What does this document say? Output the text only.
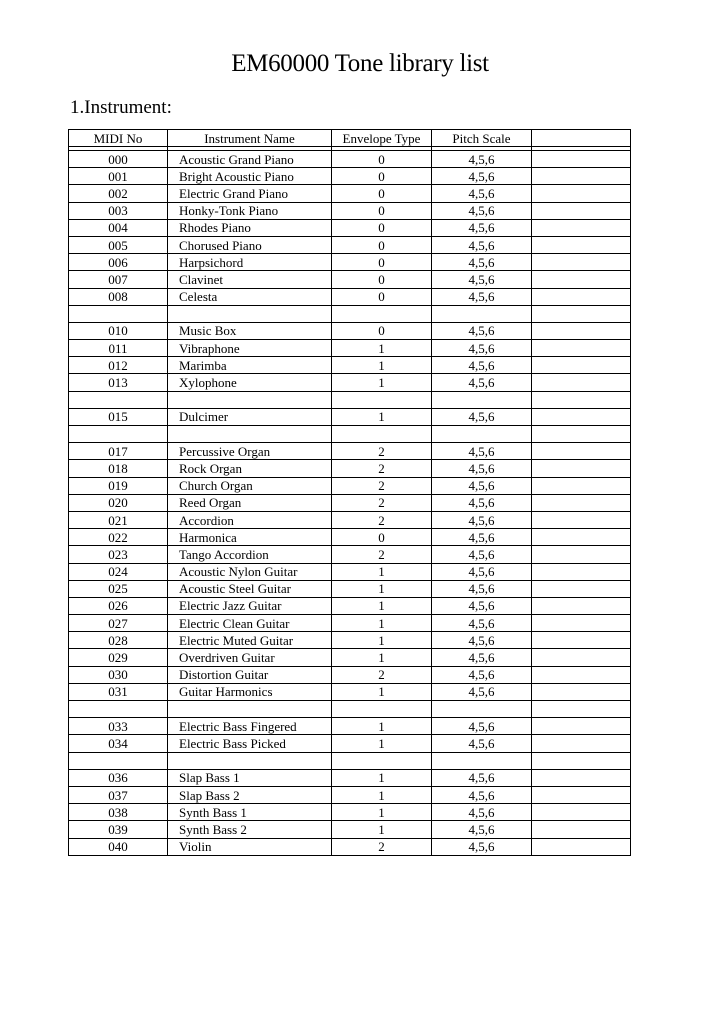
EM60000 Tone library list
1.Instrument:
MIDI No	Instrument Name	Envelope Type	Pitch Scale	

000	Acoustic Grand Piano	0	4,5,6	
001	Bright Acoustic Piano	0	4,5,6	
002	Electric Grand Piano	0	4,5,6	
003	Honky-Tonk Piano	0	4,5,6	
004	Rhodes Piano	0	4,5,6	
005	Chorused Piano	0	4,5,6	
006	Harpsichord	0	4,5,6	
007	Clavinet	0	4,5,6	
008	Celesta	0	4,5,6	

010	Music Box	0	4,5,6	
011	Vibraphone	1	4,5,6	
012	Marimba	1	4,5,6	
013	Xylophone	1	4,5,6	

015	Dulcimer	1	4,5,6	

017	Percussive Organ	2	4,5,6	
018	Rock Organ	2	4,5,6	
019	Church Organ	2	4,5,6	
020	Reed Organ	2	4,5,6	
021	Accordion	2	4,5,6	
022	Harmonica	0	4,5,6	
023	Tango Accordion	2	4,5,6	
024	Acoustic Nylon Guitar	1	4,5,6	
025	Acoustic Steel Guitar	1	4,5,6	
026	Electric Jazz Guitar	1	4,5,6	
027	Electric Clean Guitar	1	4,5,6	
028	Electric Muted Guitar	1	4,5,6	
029	Overdriven Guitar	1	4,5,6	
030	Distortion Guitar	2	4,5,6	
031	Guitar Harmonics	1	4,5,6	

033	Electric Bass Fingered	1	4,5,6	
034	Electric Bass Picked	1	4,5,6	

036	Slap Bass 1	1	4,5,6	
037	Slap Bass 2	1	4,5,6	
038	Synth Bass 1	1	4,5,6	
039	Synth Bass 2	1	4,5,6	
040	Violin	2	4,5,6	
